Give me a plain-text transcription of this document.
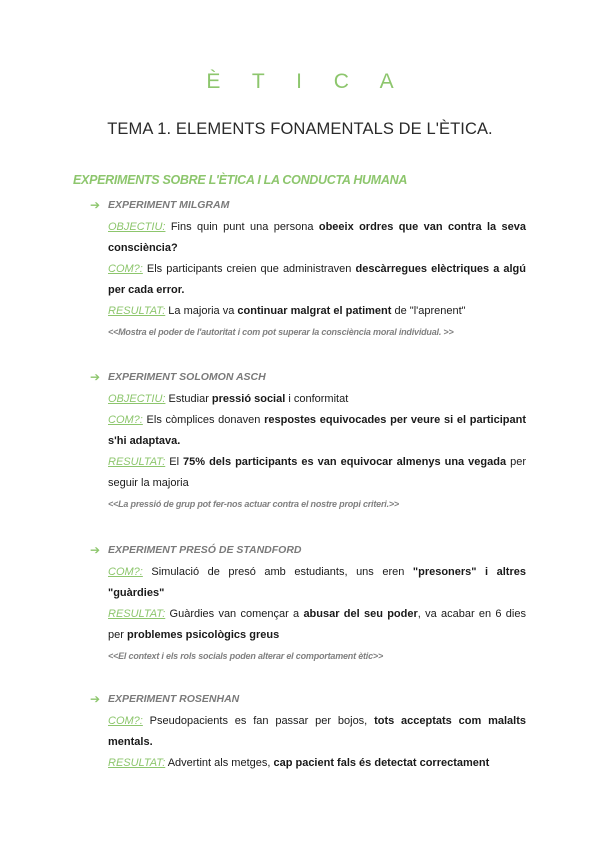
È T I C A
TEMA 1. ELEMENTS FONAMENTALS DE L'ÈTICA.
EXPERIMENTS SOBRE L'ÈTICA I LA CONDUCTA HUMANA
➔ EXPERIMENT MILGRAM

OBJECTIU: Fins quin punt una persona obeeix ordres que van contra la seva consciència?

COM?: Els participants creien que administraven descàrregues elèctriques a algú per cada error.

RESULTAT: La majoria va continuar malgrat el patiment de "l'aprenent"

<<Mostra el poder de l'autoritat i com pot superar la consciència moral individual. >>
➔ EXPERIMENT SOLOMON ASCH

OBJECTIU: Estudiar pressió social i conformitat

COM?: Els còmplices donaven respostes equivocades per veure si el participant s'hi adaptava.

RESULTAT: El 75% dels participants es van equivocar almenys una vegada per seguir la majoria

<<La pressió de grup pot fer-nos actuar contra el nostre propi criteri.>>
➔ EXPERIMENT PRESÓ DE STANDFORD

COM?: Simulació de presó amb estudiants, uns eren "presoners" i altres "guàrdies"

RESULTAT: Guàrdies van començar a abusar del seu poder, va acabar en 6 dies per problemes psicològics greus

<<El context i els rols socials poden alterar el comportament ètic>>
➔ EXPERIMENT ROSENHAN

COM?: Pseudopacients es fan passar per bojos, tots acceptats com malalts mentals.

RESULTAT: Advertint als metges, cap pacient fals és detectat correctament
